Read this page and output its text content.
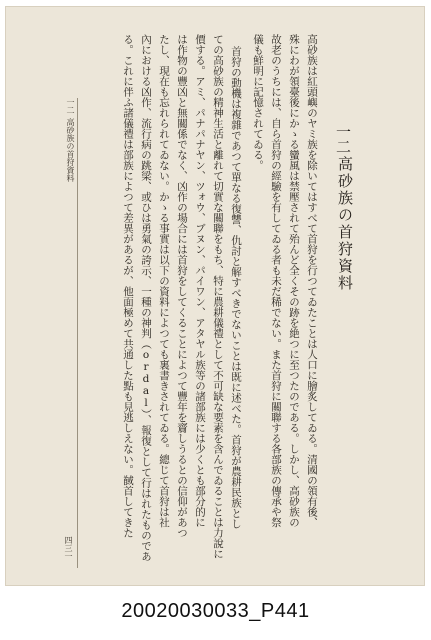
一二
高砂族の首狩資料
高砂族は紅頭嶼のヤミ族を除いてはすべて首狩を行つてゐたことは人口に膾炙してゐる。清國の領有後、
殊にわが領臺後にかゝる蠻風は禁壓されて殆んど全くその跡を絶つに至つたのである。しかし、高砂族の
故老のうちには、自ら首狩の經驗を有してゐる者も未だ稀でない。また首狩に關聯する各部族の傳承や祭
儀も鮮明に記憶されてゐる。
首狩の動機は複雜であつて單なる復讐、仇討と解すべきでないことは既に述べた。首狩が農耕民族とし
ての高砂族の精神生活と離れて切實な關聯をもち、特に農耕儀禮として不可缺な要素を含んでゐることは力說に
價する。アミ、パナパナヤン、ツォウ、ブヌン、パイワン、アタヤル族等の諸部族には少くとも部分的に
は作物の豐凶と無關係でなく、凶作の場合には首狩をしてくることによつて豐年を齎しうるとの信仰があつ
たし、現在も忘れられてゐない。かゝる事實は以下の資料によつても裏書きされてゐる。總じて首狩は社
內における凶作、流行病の跳梁、或ひは勇氣の誇示、一種の神判（ordal）、報復として行はれたものであ
る。これに伴ふ諸儀禮は部族によつて差異があるが、他面極めて共通した點も見逃しえない。馘首してきた
一二
高砂族の首狩資料
四三一
20020030033_P441
